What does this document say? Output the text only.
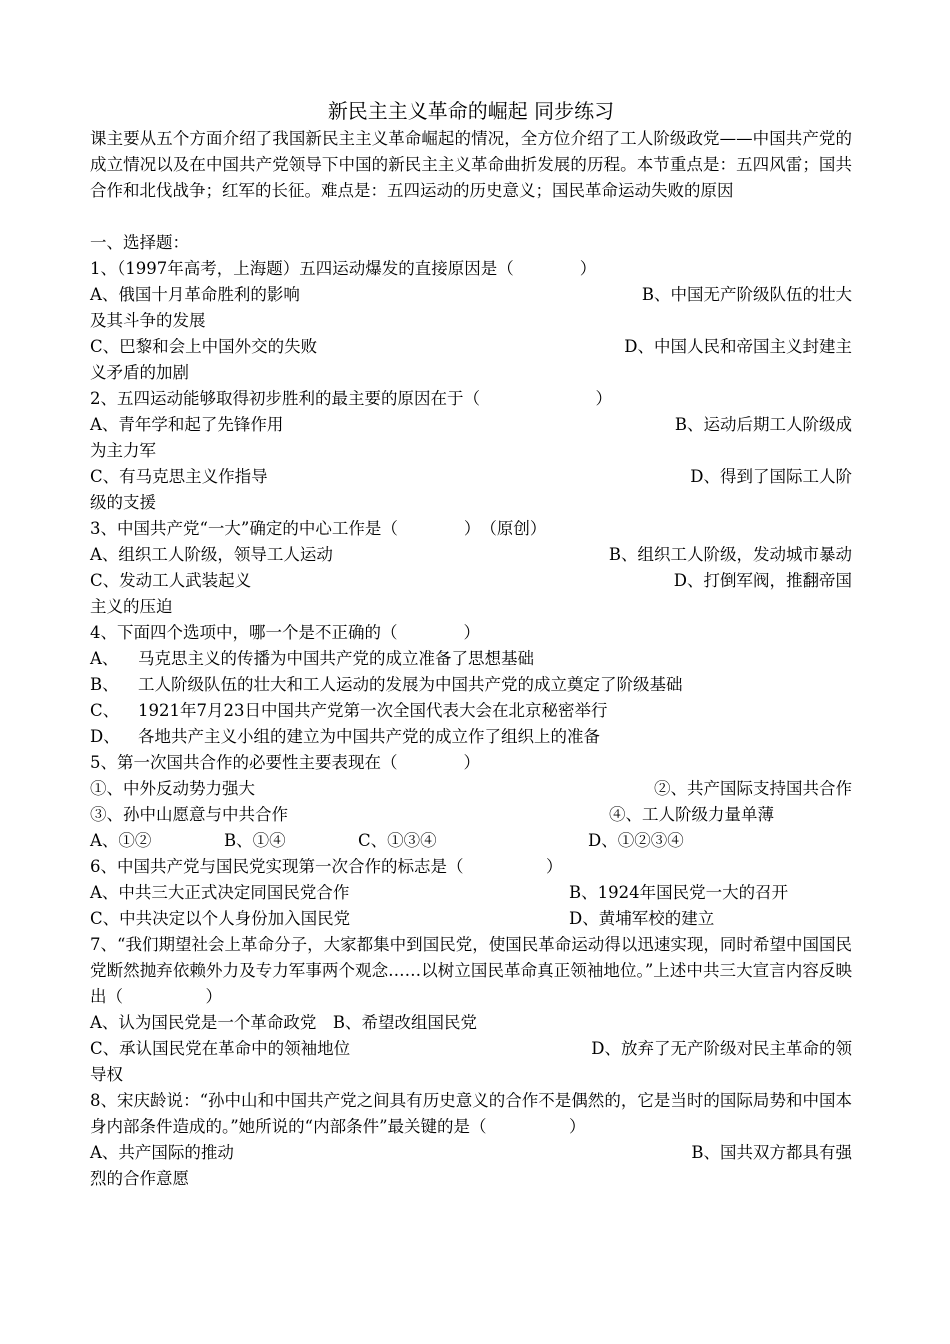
新民主主义革命的崛起 同步练习
课主要从五个方面介绍了我国新民主主义革命崛起的情况，全方位介绍了工人阶级政党——中国共产党的成立情况以及在中国共产党领导下中国的新民主主义革命曲折发展的历程。本节重点是：五四风雷；国共合作和北伐战争；红军的长征。难点是：五四运动的历史意义；国民革命运动失败的原因
一、选择题：
1、（1997年高考，上海题）五四运动爆发的直接原因是（　　　　）
A、俄国十月革命胜利的影响	B、中国无产阶级队伍的壮大
及其斗争的发展
C、巴黎和会上中国外交的失败	D、中国人民和帝国主义封建主
义矛盾的加剧
2、五四运动能够取得初步胜利的最主要的原因在于（　　　　　　　）
A、青年学和起了先锋作用	B、运动后期工人阶级成
为主力军
C、有马克思主义作指导	D、得到了国际工人阶
级的支援
3、中国共产党“一大”确定的中心工作是（　　　　）　（原创）
A、组织工人阶级，领导工人运动	B、组织工人阶级，发动城市暴动
C、发动工人武装起义	D、打倒军阀，推翻帝国
主义的压迫
4、下面四个选项中，哪一个是不正确的（　　　　）
A、 马克思主义的传播为中国共产党的成立准备了思想基础
B、 工人阶级队伍的壮大和工人运动的发展为中国共产党的成立奠定了阶级基础
C、 1921年7月23日中国共产党第一次全国代表大会在北京秘密举行
D、 各地共产主义小组的建立为中国共产党的成立作了组织上的准备
5、第一次国共合作的必要性主要表现在（　　　　）
①、中外反动势力强大	②、共产国际支持国共合作
③、孙中山愿意与中共合作	④、工人阶级力量单薄
A、①②	B、①④	C、①③④	D、①②③④
6、中国共产党与国民党实现第一次合作的标志是（　　　　　）
A、中共三大正式决定同国民党合作	B、1924年国民党一大的召开
C、中共决定以个人身份加入国民党	D、黄埔军校的建立
7、“我们期望社会上革命分子，大家都集中到国民党，使国民革命运动得以迅速实现，同时希望中国国民党断然抛弃依赖外力及专力军事两个观念……以树立国民革命真正领袖地位。”上述中共三大宣言内容反映出（　　　　　）
A、认为国民党是一个革命政党　B、希望改组国民党
C、承认国民党在革命中的领袖地位	D、放弃了无产阶级对民主革命的领
导权
8、宋庆龄说：“孙中山和中国共产党之间具有历史意义的合作不是偶然的，它是当时的国际局势和中国本身内部条件造成的。”她所说的“内部条件”最关键的是（　　　　　）
A、共产国际的推动	B、国共双方都具有强
烈的合作意愿
